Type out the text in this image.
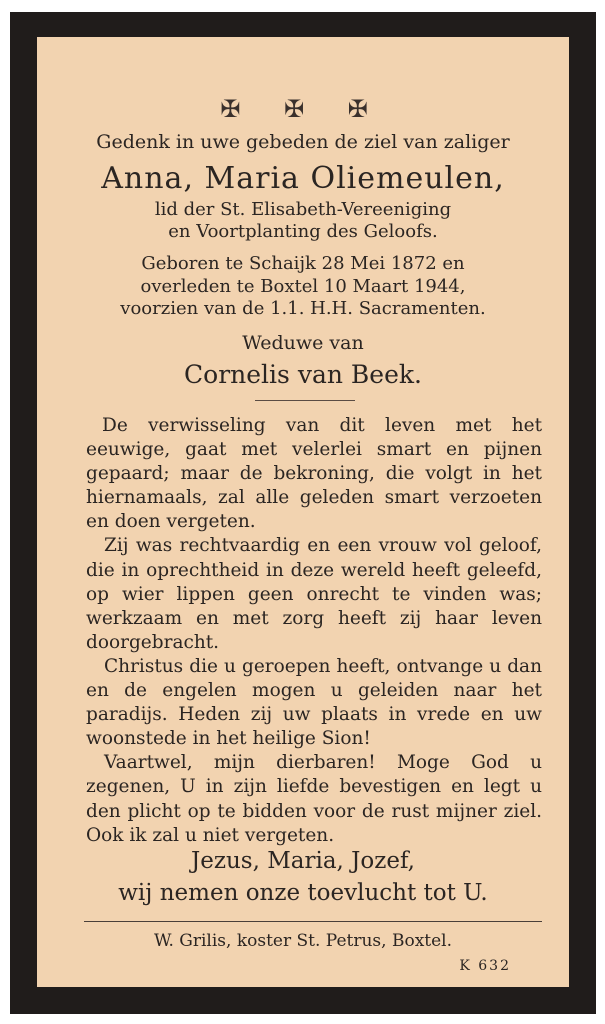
✠ ✠ ✠
Gedenk in uwe gebeden de ziel van zaliger
Anna, Maria Oliemeulen,
lid der St. Elisabeth-Vereeniging
en Voortplanting des Geloofs.
Geboren te Schaijk 28 Mei 1872 en
overleden te Boxtel 10 Maart 1944,
voorzien van de 1.1. H.H. Sacramenten.
Weduwe van
Cornelis van Beek.

De verwisseling van dit leven met het eeuwige, gaat met velerlei smart en pijnen gepaard; maar de bekroning, die volgt in het hiernamaals, zal alle geleden smart verzoeten en doen vergeten.

Zij was rechtvaardig en een vrouw vol geloof, die in oprechtheid in deze wereld heeft geleefd, op wier lippen geen onrecht te vinden was; werkzaam en met zorg heeft zij haar leven doorgebracht.

Christus die u geroepen heeft, ontvange u dan en de engelen mogen u geleiden naar het paradijs. Heden zij uw plaats in vrede en uw woonstede in het heilige Sion!

Vaartwel, mijn dierbaren! Moge God u zegenen, U in zijn liefde bevestigen en legt u den plicht op te bidden voor de rust mijner ziel. Ook ik zal u niet vergeten.

Jezus, Maria, Jozef,
wij nemen onze toevlucht tot U.
W. Grilis, koster St. Petrus, Boxtel.
K 632
